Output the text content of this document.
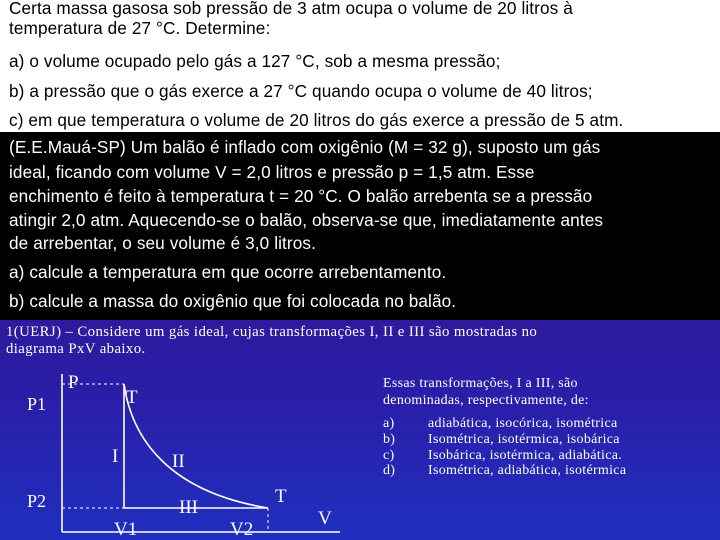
Certa massa gasosa sob pressão de 3 atm ocupa o volume de 20 litros à
temperatura de 27 °C. Determine:
a) o volume ocupado pelo gás a 127 °C, sob a mesma pressão;
b) a pressão que o gás exerce a 27 °C quando ocupa o volume de 40 litros;
c) em que temperatura o volume de 20 litros do gás exerce a pressão de 5 atm.
(E.E.Mauá-SP) Um balão é inflado com oxigênio (M = 32 g), suposto um gás
ideal, ficando com volume V = 2,0 litros e pressão p = 1,5 atm. Esse
enchimento é feito à temperatura t = 20 °C. O balão arrebenta se a pressão
atingir 2,0 atm. Aquecendo-se o balão, observa-se que, imediatamente antes
de arrebentar, o seu volume é 3,0 litros.
a) calcule a temperatura em que ocorre arrebentamento.
b) calcule a massa do oxigênio que foi colocada no balão.
1(UERJ) – Considere um gás ideal, cujas transformações I, II e III são mostradas no
diagrama PxV abaixo.
P
P1
P2
T
I	II
III
T
V1	V2
V
Essas transformações, I a III, são
denominadas, respectivamente, de:
a) adiabática, isocórica, isométrica
b) Isométrica, isotérmica, isobárica
c) Isobárica, isotérmica, adiabática.
d) Isométrica, adiabática, isotérmica
